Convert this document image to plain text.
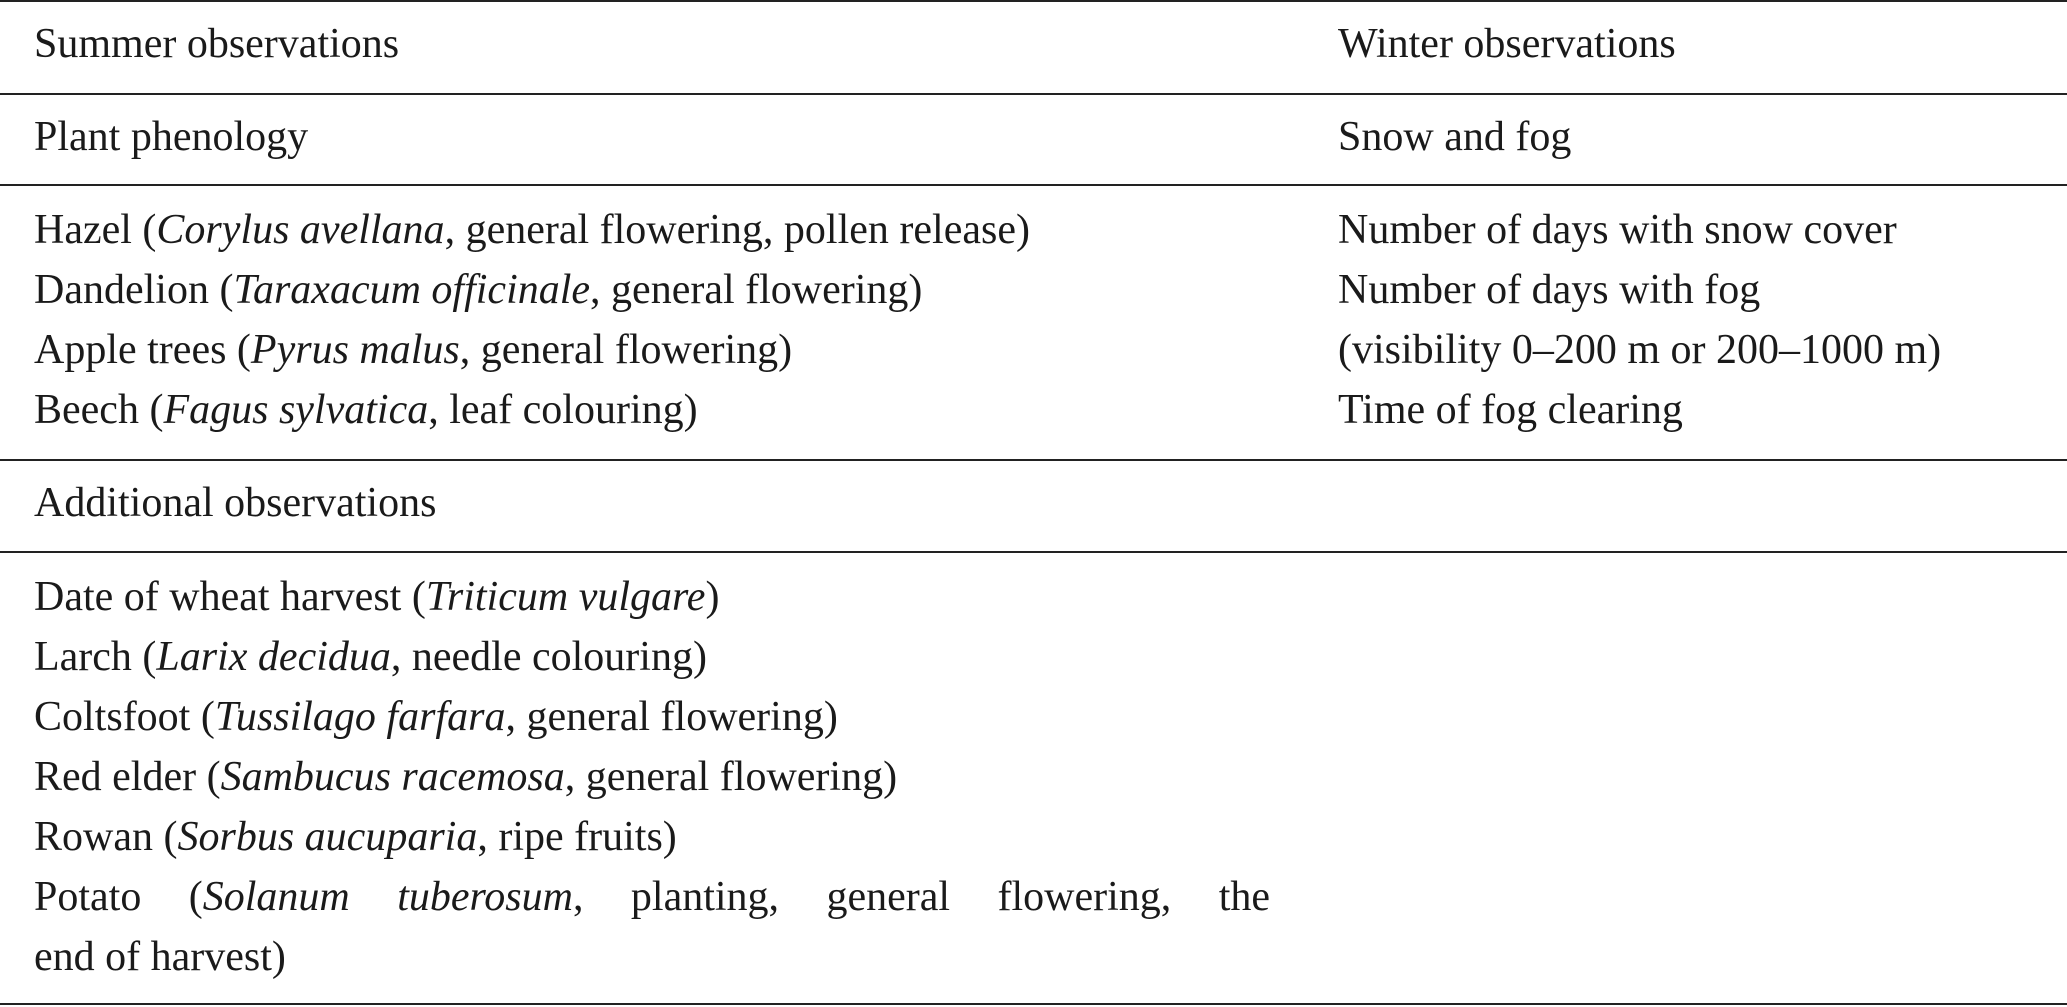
Summer observations	Winter observations
Plant phenology	Snow and fog
Hazel (Corylus avellana, general flowering, pollen release)
Dandelion (Taraxacum officinale, general flowering)
Apple trees (Pyrus malus, general flowering)
Beech (Fagus sylvatica, leaf colouring)
Number of days with snow cover
Number of days with fog
(visibility 0–200 m or 200–1000 m)
Time of fog clearing
Additional observations
Date of wheat harvest (Triticum vulgare)
Larch (Larix decidua, needle colouring)
Coltsfoot (Tussilago farfara, general flowering)
Red elder (Sambucus racemosa, general flowering)
Rowan (Sorbus aucuparia, ripe fruits)
Potato (Solanum tuberosum, planting, general flowering, the
end of harvest)
